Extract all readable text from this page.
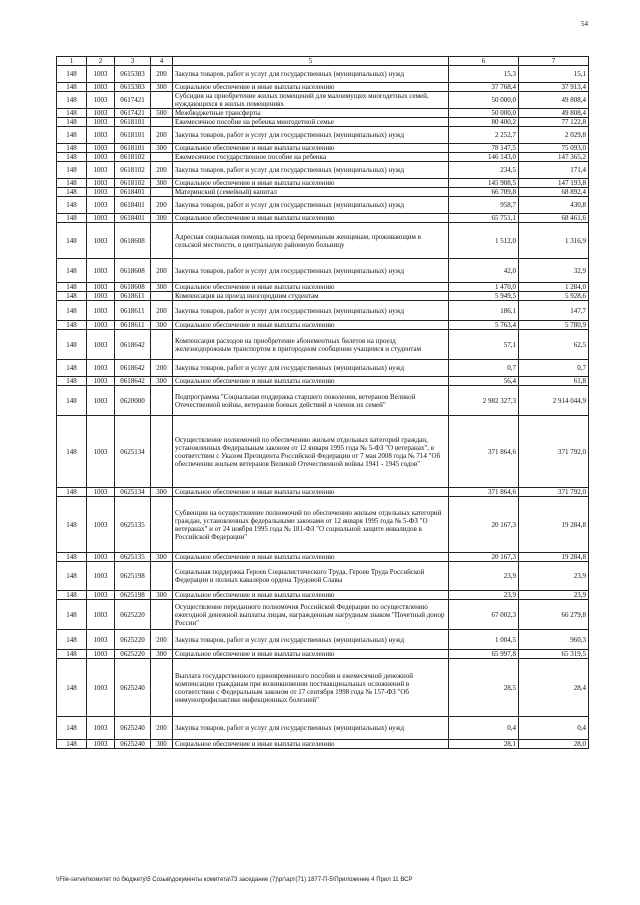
54
1	2	3	4	5	6	7
148	1003	0615383	200	Закупка товаров, работ и услуг для государственных (муниципальных) нужд	15,3	15,1
148	1003	0615383	300	Социальное обеспечение и иные выплаты населению	37 768,4	37 913,4
148	1003	0617421		Субсидия на приобретение жилых помещений для малоимущих многодетных семей, нуждающихся в жилых помещениях	50 000,0	49 808,4
148	1003	0617421	500	Межбюджетные трансферты	50 000,0	49 808,4
148	1003	0618101		Ежемесячное пособие на ребенка многодетной семье	80 400,2	77 122,8
148	1003	0618101	200	Закупка товаров, работ и услуг для государственных (муниципальных) нужд	2 252,7	2 029,8
148	1003	0618101	300	Социальное обеспечение и иные выплаты населению	78 147,5	75 093,0
148	1003	0618102		Ежемесячное государственное пособие на ребенка	146 143,0	147 365,2
148	1003	0618102	200	Закупка товаров, работ и услуг для государственных (муниципальных) нужд	234,5	171,4
148	1003	0618102	300	Социальное обеспечение и иные выплаты населению	145 908,5	147 193,8
148	1003	0618401		Материнский (семейный) капитал	66 709,8	68 892,4
148	1003	0618401	200	Закупка товаров, работ и услуг для государственных (муниципальных) нужд	958,7	430,8
148	1003	0618401	300	Социальное обеспечение и иные выплаты населению	65 751,1	68 461,6
148	1003	0618608		Адресная социальная помощь на проезд беременным женщинам, проживающим в сельской местности, в центральную районную больницу	1 512,0	1 316,9
148	1003	0618608	200	Закупка товаров, работ и услуг для государственных (муниципальных) нужд	42,0	32,9
148	1003	0618608	300	Социальное обеспечение и иные выплаты населению	1 470,0	1 284,0
148	1003	0618611		Компенсация на проезд иногородним студентам	5 949,5	5 928,6
148	1003	0618611	200	Закупка товаров, работ и услуг для государственных (муниципальных) нужд	186,1	147,7
148	1003	0618611	300	Социальное обеспечение и иные выплаты населению	5 763,4	5 780,9
148	1003	0618642		Компенсация расходов на приобретение абонементных билетов на проезд железнодорожным транспортом в пригородном сообщении учащимся и студентам	57,1	62,5
148	1003	0618642	200	Закупка товаров, работ и услуг для государственных (муниципальных) нужд	0,7	0,7
148	1003	0618642	300	Социальное обеспечение и иные выплаты населению	56,4	61,8
148	1003	0620000		Подпрограмма "Социальная поддержка старшего поколения, ветеранов Великой Отечественной войны, ветеранов боевых действий и членов их семей"	2 982 327,3	2 914 044,9
148	1003	0625134		Осуществление полномочий по обеспечению жильем отдельных категорий граждан, установленных Федеральным законом от 12 января 1995 года № 5-ФЗ "О ветеранах", в соответствии с Указом Президента Российской Федерации от 7 мая 2008 года № 714 "Об обеспечении жильем ветеранов Великой Отечественной войны 1941 - 1945 годов"	371 864,6	371 792,0
148	1003	0625134	300	Социальное обеспечение и иные выплаты населению	371 864,6	371 792,0
148	1003	0625135		Субвенции на осуществление полномочий по обеспечению жильем отдельных категорий граждан, установленных федеральными законами от 12 января 1995 года № 5-ФЗ "О ветеранах" и от 24 ноября 1995 года № 181-ФЗ "О социальной защите инвалидов в Российской Федерации"	20 167,3	19 284,8
148	1003	0625135	300	Социальное обеспечение и иные выплаты населению	20 167,3	19 284,8
148	1003	0625198		Социальная поддержка Героев Социалистического Труда, Героев Труда Российской Федерации и полных кавалеров ордена Трудовой Славы	23,9	23,9
148	1003	0625198	300	Социальное обеспечение и иные выплаты населению	23,9	23,9
148	1003	0625220		Осуществление переданного полномочия Российской Федерации по осуществлению ежегодной денежной выплаты лицам, награжденным нагрудным знаком "Почетный донор России"	67 002,3	66 279,8
148	1003	0625220	200	Закупка товаров, работ и услуг для государственных (муниципальных) нужд	1 004,5	960,3
148	1003	0625220	300	Социальное обеспечение и иные выплаты населению	65 997,8	65 319,5
148	1003	0625240		Выплата государственного единовременного пособия и ежемесячной денежной компенсации гражданам при возникновении поствакцинальных осложнений в соответствии с Федеральным законом от 17 сентября 1998 года № 157-ФЗ "Об иммунопрофилактике инфекционных болезней"	28,5	28,4
148	1003	0625240	200	Закупка товаров, работ и услуг для государственных (муниципальных) нужд	0,4	0,4
148	1003	0625240	300	Социальное обеспечение и иные выплаты населению	28,1	28,0
\\File-server\комитет по бюджету\5 Созыв\документы комитета\73 заседание (7)\рг\арт(71) 1877-П-5\Приложение 4 Прил 11 ВСР
